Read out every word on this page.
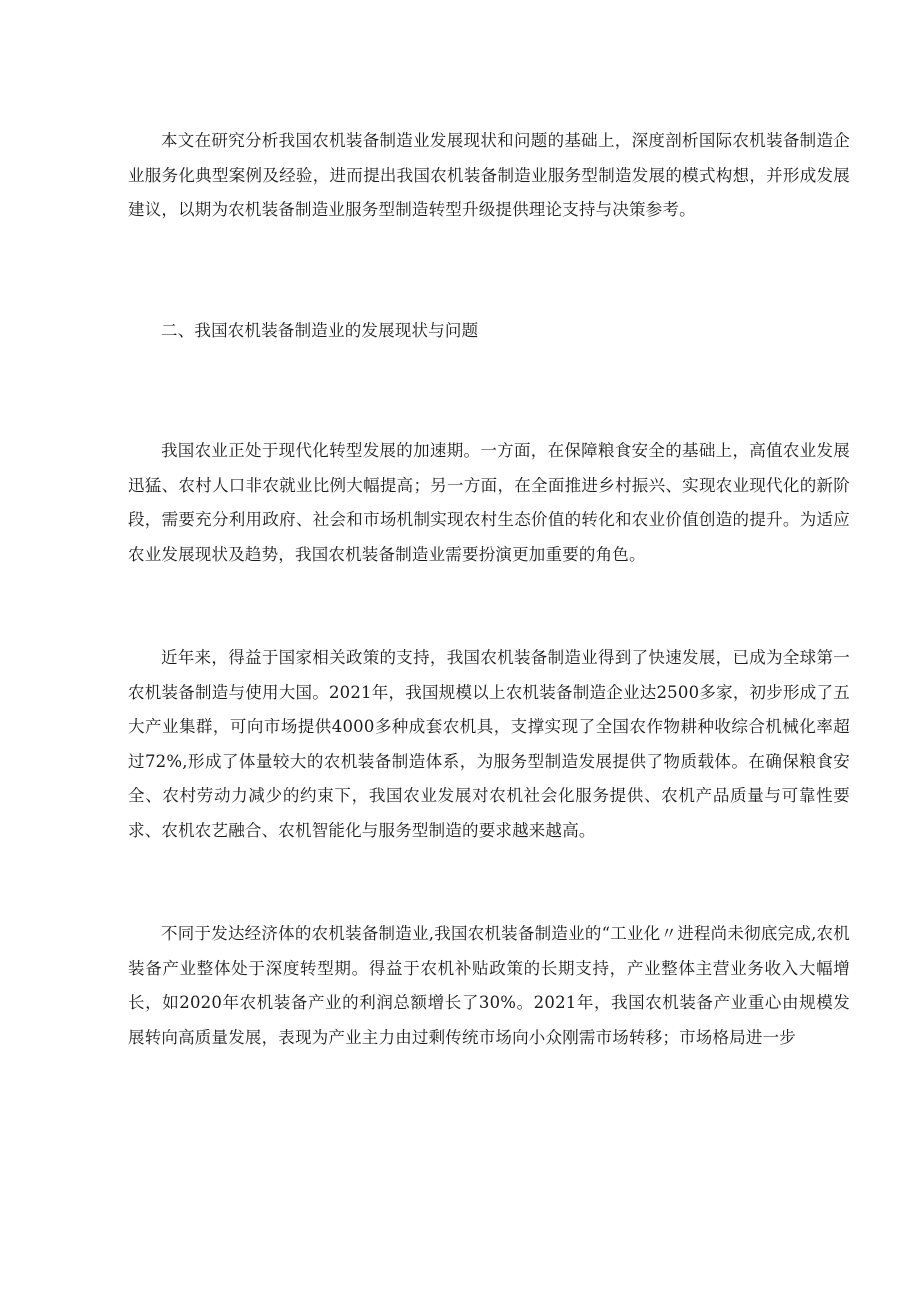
本文在研究分析我国农机装备制造业发展现状和问题的基础上，深度剖析国际农机装备制造企业服务化典型案例及经验，进而提出我国农机装备制造业服务型制造发展的模式构想，并形成发展建议，以期为农机装备制造业服务型制造转型升级提供理论支持与决策参考。

二、我国农机装备制造业的发展现状与问题

我国农业正处于现代化转型发展的加速期。一方面，在保障粮食安全的基础上，高值农业发展迅猛、农村人口非农就业比例大幅提高；另一方面，在全面推进乡村振兴、实现农业现代化的新阶段，需要充分利用政府、社会和市场机制实现农村生态价值的转化和农业价值创造的提升。为适应农业发展现状及趋势，我国农机装备制造业需要扮演更加重要的角色。

近年来，得益于国家相关政策的支持，我国农机装备制造业得到了快速发展，已成为全球第一农机装备制造与使用大国。2021年，我国规模以上农机装备制造企业达2500多家，初步形成了五大产业集群，可向市场提供4000多种成套农机具，支撑实现了全国农作物耕种收综合机械化率超过72%,形成了体量较大的农机装备制造体系，为服务型制造发展提供了物质载体。在确保粮食安全、农村劳动力减少的约束下，我国农业发展对农机社会化服务提供、农机产品质量与可靠性要求、农机农艺融合、农机智能化与服务型制造的要求越来越高。

不同于发达经济体的农机装备制造业,我国农机装备制造业的“工业化〃进程尚未彻底完成,农机装备产业整体处于深度转型期。得益于农机补贴政策的长期支持，产业整体主营业务收入大幅增长，如2020年农机装备产业的利润总额增长了30%。2021年，我国农机装备产业重心由规模发展转向高质量发展，表现为产业主力由过剩传统市场向小众刚需市场转移；市场格局进一步
